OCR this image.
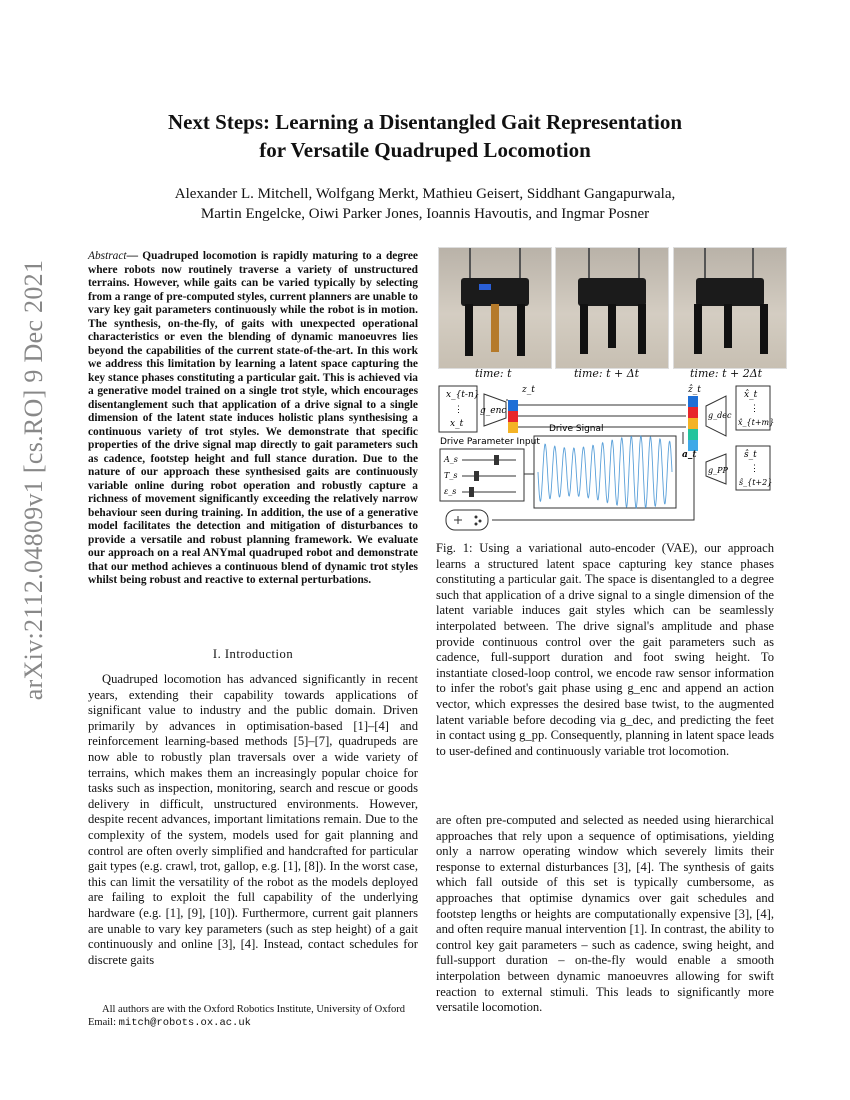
arXiv:2112.04809v1 [cs.RO] 9 Dec 2021
Next Steps: Learning a Disentangled Gait Representation
for Versatile Quadruped Locomotion
Alexander L. Mitchell, Wolfgang Merkt, Mathieu Geisert, Siddhant Gangapurwala,
Martin Engelcke, Oiwi Parker Jones, Ioannis Havoutis, and Ingmar Posner
Abstract— Quadruped locomotion is rapidly maturing to a degree where robots now routinely traverse a variety of unstructured terrains. However, while gaits can be varied typically by selecting from a range of pre-computed styles, current planners are unable to vary key gait parameters continuously while the robot is in motion. The synthesis, on-the-fly, of gaits with unexpected operational characteristics or even the blending of dynamic manoeuvres lies beyond the capabilities of the current state-of-the-art. In this work we address this limitation by learning a latent space capturing the key stance phases constituting a particular gait. This is achieved via a generative model trained on a single trot style, which encourages disentanglement such that application of a drive signal to a single dimension of the latent state induces holistic plans synthesising a continuous variety of trot styles. We demonstrate that specific properties of the drive signal map directly to gait parameters such as cadence, footstep height and full stance duration. Due to the nature of our approach these synthesised gaits are continuously variable online during robot operation and robustly capture a richness of movement significantly exceeding the relatively narrow behaviour seen during training. In addition, the use of a generative model facilitates the detection and mitigation of disturbances to provide a versatile and robust planning framework. We evaluate our approach on a real ANYmal quadruped robot and demonstrate that our method achieves a continuous blend of dynamic trot styles whilst being robust and reactive to external perturbations.
I. Introduction

Quadruped locomotion has advanced significantly in recent years, extending their capability towards applications of significant value to industry and the public domain. Driven primarily by advances in optimisation-based [1]–[4] and reinforcement learning-based methods [5]–[7], quadrupeds are now able to robustly plan traversals over a wide variety of terrains, which makes them an increasingly popular choice for tasks such as inspection, monitoring, search and rescue or goods delivery in difficult, unstructured environments. However, despite recent advances, important limitations remain. Due to the complexity of the system, models used for gait planning and control are often overly simplified and handcrafted for particular gait types (e.g. crawl, trot, gallop, e.g. [1], [8]). In the worst case, this can limit the versatility of the robot as the models deployed are failing to exploit the full capability of the underlying hardware (e.g. [1], [9], [10]). Furthermore, current gait planners are unable to vary key parameters (such as step height) of a gait continuously and online [3], [4]. Instead, contact schedules for discrete gaits

All authors are with the Oxford Robotics Institute, University of Oxford
Email: mitch@robots.ox.ac.uk
time: t	time: t + Δt	time: t + 2Δt
x_{t-n}
⋮
x_t
g_enc
z_t	ẑ_t
a_t
g_dec
x̂_t
⋮
x̂_{t+m}
g_PP
ŝ_t
⋮
ŝ_{t+2}
Drive Signal
Drive Parameter Input
A_s
T_s
ε_s
Fig. 1: Using a variational auto-encoder (VAE), our approach learns a structured latent space capturing key stance phases constituting a particular gait. The space is disentangled to a degree such that application of a drive signal to a single dimension of the latent variable induces gait styles which can be seamlessly interpolated between. The drive signal's amplitude and phase provide continuous control over the gait parameters such as cadence, full-support duration and foot swing height. To instantiate closed-loop control, we encode raw sensor information to infer the robot's gait phase using g_enc and append an action vector, which expresses the desired base twist, to the augmented latent variable before decoding via g_dec, and predicting the feet in contact using g_pp. Consequently, planning in latent space leads to user-defined and continuously variable trot locomotion.
are often pre-computed and selected as needed using hierarchical approaches that rely upon a sequence of optimisations, yielding only a narrow operating window which severely limits their response to external disturbances [3], [4]. The synthesis of gaits which fall outside of this set is typically cumbersome, as approaches that optimise dynamics over gait schedules and footstep lengths or heights are computationally expensive [3], [4], and often require manual intervention [1]. In contrast, the ability to control key gait parameters – such as cadence, swing height, and full-support duration – on-the-fly would enable a smooth interpolation between dynamic manoeuvres allowing for swift reaction to external stimuli. This leads to significantly more versatile locomotion.
